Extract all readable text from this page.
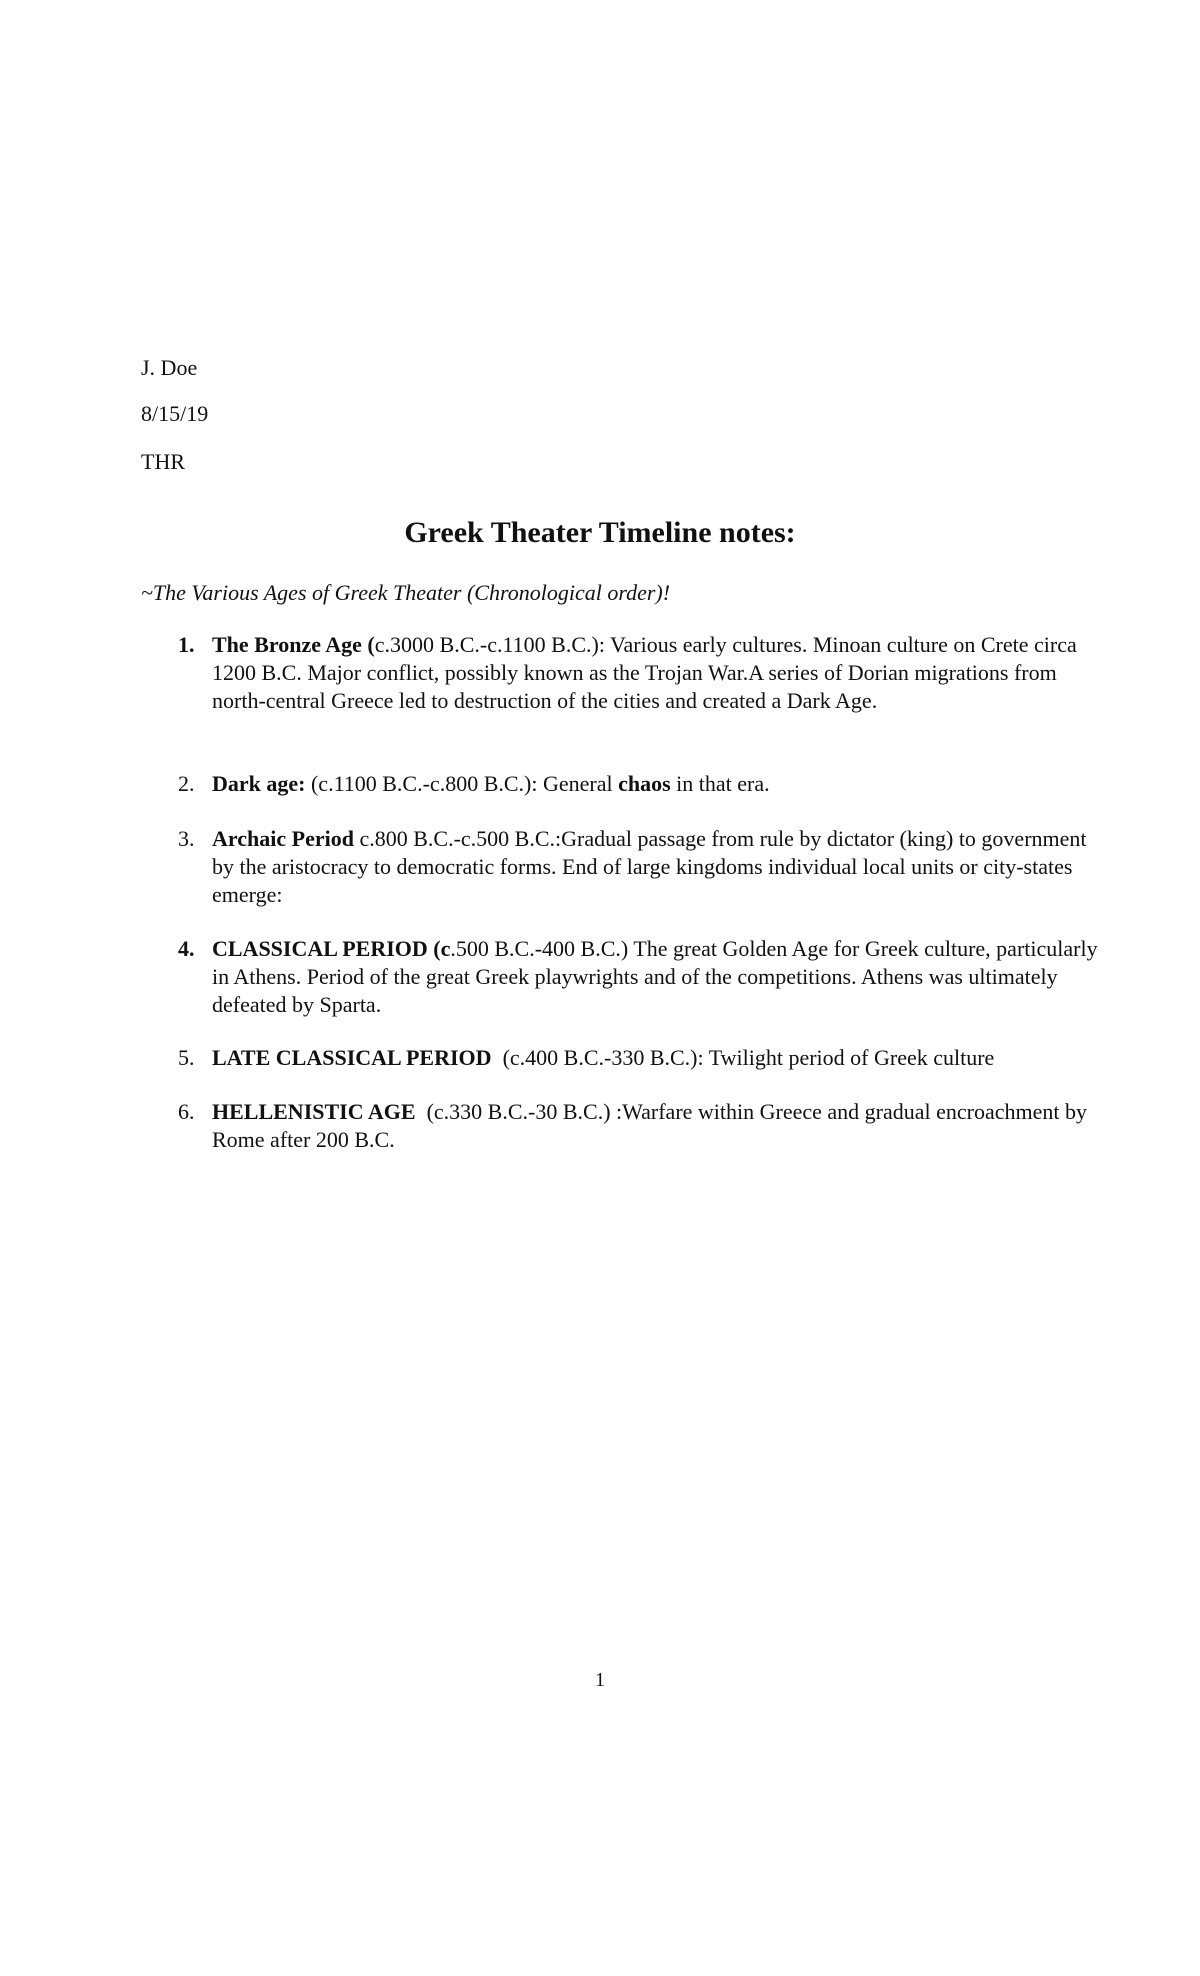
J. Doe
8/15/19
THR
Greek Theater Timeline notes:
~The Various Ages of Greek Theater (Chronological order)!
1. The Bronze Age (c.3000 B.C.-c.1100 B.C.): Various early cultures. Minoan culture on Crete circa 1200 B.C. Major conflict, possibly known as the Trojan War.A series of Dorian migrations from north-central Greece led to destruction of the cities and created a Dark Age.
2. Dark age: (c.1100 B.C.-c.800 B.C.): General chaos in that era.
3. Archaic Period c.800 B.C.-c.500 B.C.:Gradual passage from rule by dictator (king) to government by the aristocracy to democratic forms. End of large kingdoms individual local units or city-states emerge:
4. CLASSICAL PERIOD (c.500 B.C.-400 B.C.) The great Golden Age for Greek culture, particularly in Athens. Period of the great Greek playwrights and of the competitions. Athens was ultimately defeated by Sparta.
5. LATE CLASSICAL PERIOD  (c.400 B.C.-330 B.C.): Twilight period of Greek culture
6. HELLENISTIC AGE  (c.330 B.C.-30 B.C.) :Warfare within Greece and gradual encroachment by Rome after 200 B.C.
1
